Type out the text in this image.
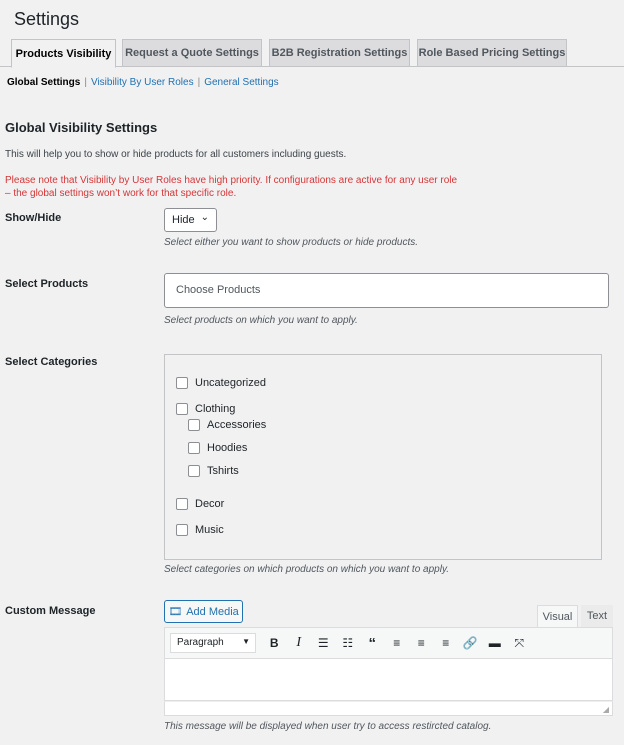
Settings
Products Visibility	Request a Quote Settings B2B Registration Settings Role Based Pricing Settings
Global Settings | Visibility By User Roles | General Settings
Global Visibility Settings
This will help you to show or hide products for all customers including guests.
Please note that Visibility by User Roles have high priority. If configurations are active for any user role
– the global settings won’t work for that specific role.
Show/Hide	Hide ⌄
Select either you want to show products or hide products.
Select Products	Choose Products
Select products on which you want to apply.
Select Categories
Uncategorized
Clothing
Accessories
Hoodies
Tshirts
Decor
Music
Select categories on which products on which you want to apply.
Custom Message	🎞 Add Media	Visual	Text
Paragraph ▼	B	I	☰	☷	“	≡	≡	≡	🔗 ▬	⤧
◢
This message will be displayed when user try to access restircted catalog.
